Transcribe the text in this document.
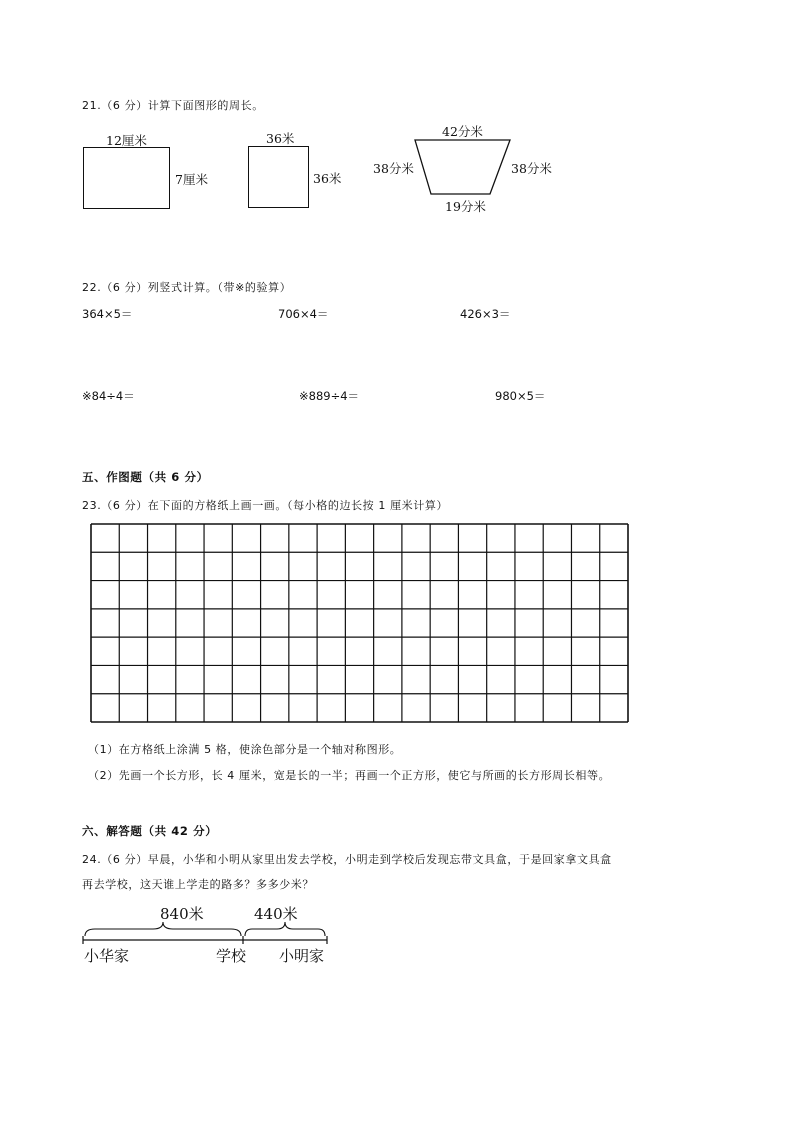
21.（6 分）计算下面图形的周长。
12厘米
7厘米
36米
36米
42分米
38分米	38分米
19分米
22.（6 分）列竖式计算。（带※的验算）
364×5＝	706×4＝	426×3＝
※84÷4＝	※889÷4＝	980×5＝
五、作图题（共 6 分）
23.（6 分）在下面的方格纸上画一画。（每小格的边长按 1 厘米计算）
（1）在方格纸上涂满 5 格，使涂色部分是一个轴对称图形。
（2）先画一个长方形，长 4 厘米，宽是长的一半；再画一个正方形，使它与所画的长方形周长相等。
六、解答题（共 42 分）
24.（6 分）早晨，小华和小明从家里出发去学校，小明走到学校后发现忘带文具盒，于是回家拿文具盒
再去学校，这天谁上学走的路多？多多少米？
840米	440米
小华家	学校 小明家
